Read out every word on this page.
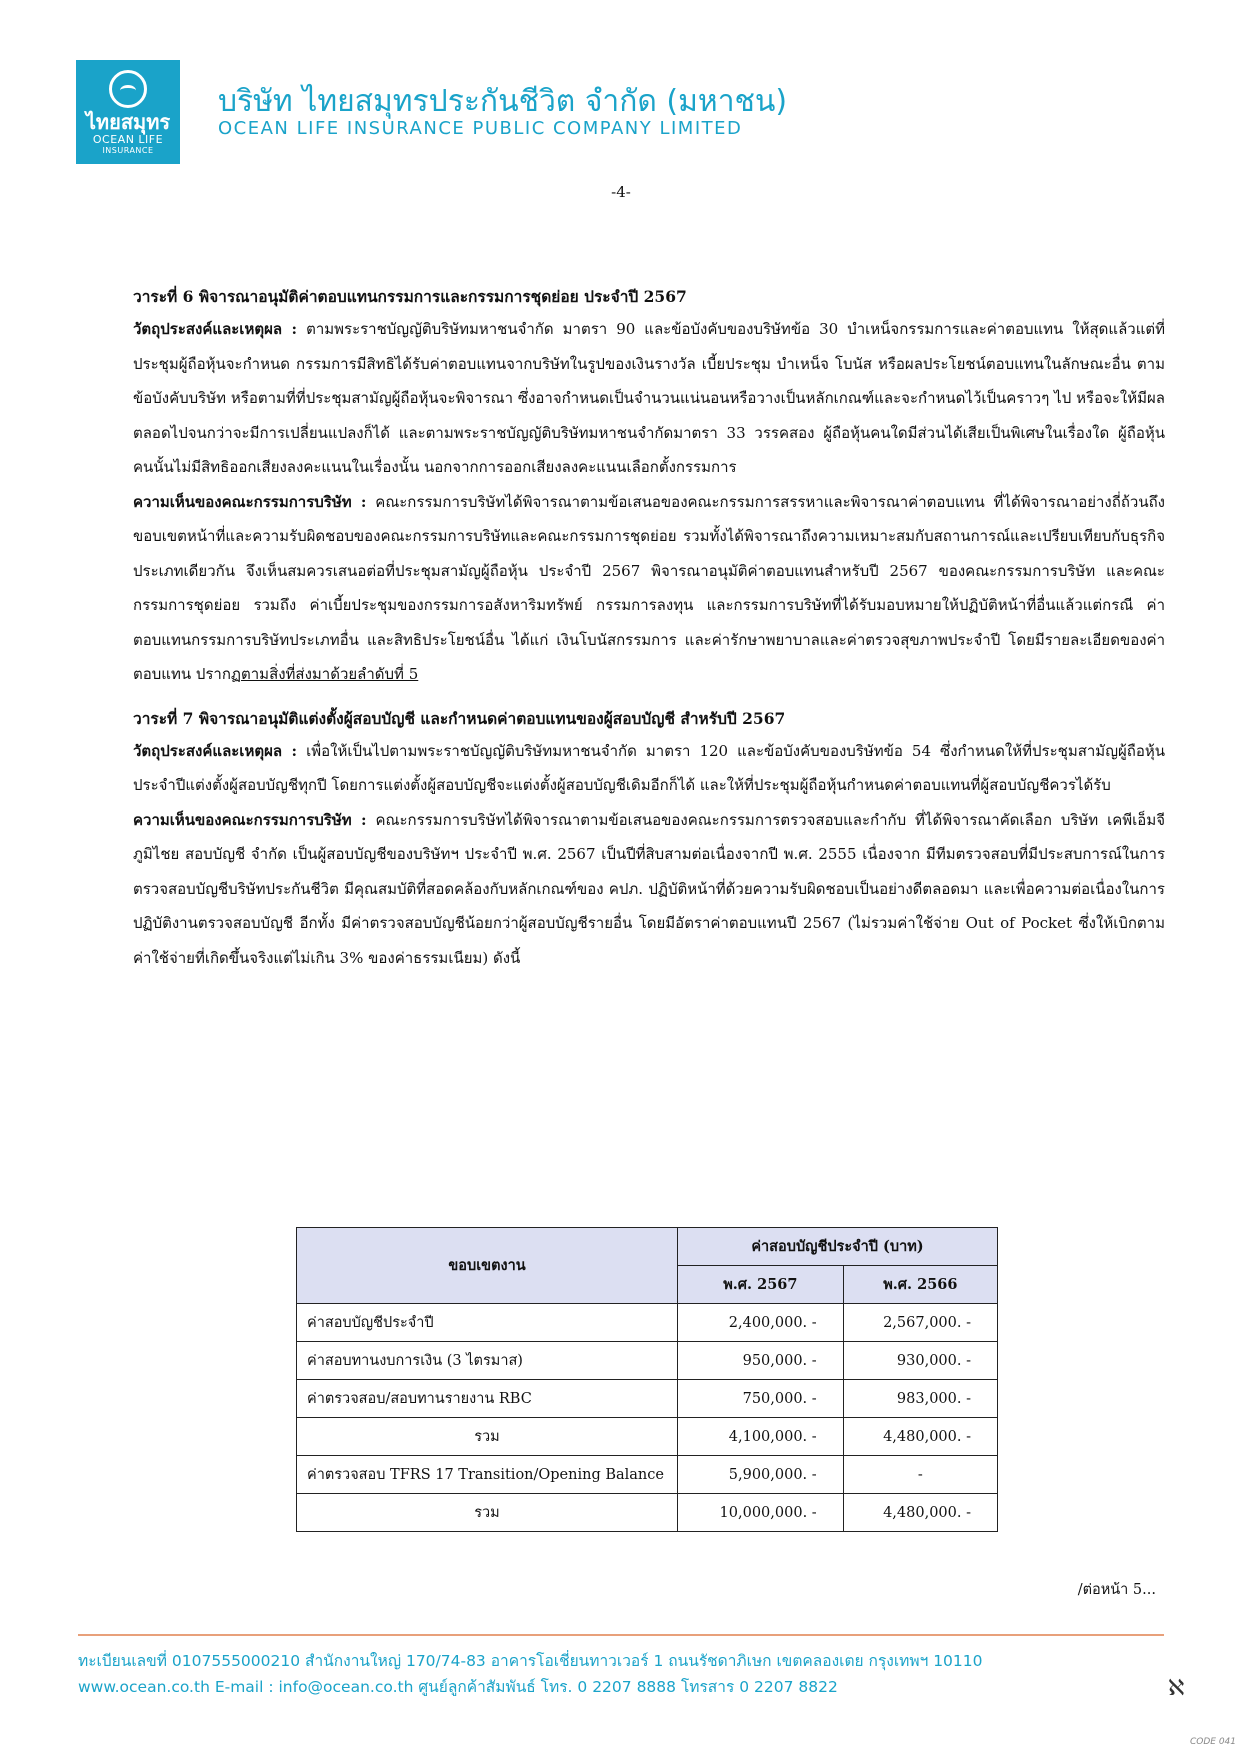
ไทยสมุทร
OCEAN LIFE
INSURANCE
บริษัท ไทยสมุทรประกันชีวิต จำกัด (มหาชน)
OCEAN LIFE INSURANCE PUBLIC COMPANY LIMITED
-4-
วาระที่ 6 พิจารณาอนุมัติค่าตอบแทนกรรมการและกรรมการชุดย่อย ประจำปี 2567

วัตถุประสงค์และเหตุผล : ตามพระราชบัญญัติบริษัทมหาชนจำกัด มาตรา 90 และข้อบังคับของบริษัทข้อ 30 บำเหน็จกรรมการและค่าตอบแทน ให้สุดแล้วแต่ที่ประชุมผู้ถือหุ้นจะกำหนด กรรมการมีสิทธิได้รับค่าตอบแทนจากบริษัทในรูปของเงินรางวัล เบี้ยประชุม บำเหน็จ โบนัส หรือผลประโยชน์ตอบแทนในลักษณะอื่น ตามข้อบังคับบริษัท หรือตามที่ที่ประชุมสามัญผู้ถือหุ้นจะพิจารณา ซึ่งอาจกำหนดเป็นจำนวนแน่นอนหรือวางเป็นหลักเกณฑ์และจะกำหนดไว้เป็นคราวๆ ไป หรือจะให้มีผลตลอดไปจนกว่าจะมีการเปลี่ยนแปลงก็ได้ และตามพระราชบัญญัติบริษัทมหาชนจำกัดมาตรา 33 วรรคสอง ผู้ถือหุ้นคนใดมีส่วนได้เสียเป็นพิเศษในเรื่องใด ผู้ถือหุ้นคนนั้นไม่มีสิทธิออกเสียงลงคะแนนในเรื่องนั้น นอกจากการออกเสียงลงคะแนนเลือกตั้งกรรมการ

ความเห็นของคณะกรรมการบริษัท : คณะกรรมการบริษัทได้พิจารณาตามข้อเสนอของคณะกรรมการสรรหาและพิจารณาค่าตอบแทน ที่ได้พิจารณาอย่างถี่ถ้วนถึงขอบเขตหน้าที่และความรับผิดชอบของคณะกรรมการบริษัทและคณะกรรมการชุดย่อย รวมทั้งได้พิจารณาถึงความเหมาะสมกับสถานการณ์และเปรียบเทียบกับธุรกิจประเภทเดียวกัน จึงเห็นสมควรเสนอต่อที่ประชุมสามัญผู้ถือหุ้น ประจำปี 2567 พิจารณาอนุมัติค่าตอบแทนสำหรับปี 2567 ของคณะกรรมการบริษัท และคณะกรรมการชุดย่อย รวมถึง ค่าเบี้ยประชุมของกรรมการอสังหาริมทรัพย์ กรรมการลงทุน และกรรมการบริษัทที่ได้รับมอบหมายให้ปฏิบัติหน้าที่อื่นแล้วแต่กรณี ค่าตอบแทนกรรมการบริษัทประเภทอื่น และสิทธิประโยชน์อื่น ได้แก่ เงินโบนัสกรรมการ และค่ารักษาพยาบาลและค่าตรวจสุขภาพประจำปี โดยมีรายละเอียดของค่าตอบแทน ปรากฏตามสิ่งที่ส่งมาด้วยลำดับที่ 5

วาระที่ 7 พิจารณาอนุมัติแต่งตั้งผู้สอบบัญชี และกำหนดค่าตอบแทนของผู้สอบบัญชี สำหรับปี 2567

วัตถุประสงค์และเหตุผล : เพื่อให้เป็นไปตามพระราชบัญญัติบริษัทมหาชนจำกัด มาตรา 120 และข้อบังคับของบริษัทข้อ 54 ซึ่งกำหนดให้ที่ประชุมสามัญผู้ถือหุ้นประจำปีแต่งตั้งผู้สอบบัญชีทุกปี โดยการแต่งตั้งผู้สอบบัญชีจะแต่งตั้งผู้สอบบัญชีเดิมอีกก็ได้ และให้ที่ประชุมผู้ถือหุ้นกำหนดค่าตอบแทนที่ผู้สอบบัญชีควรได้รับ

ความเห็นของคณะกรรมการบริษัท : คณะกรรมการบริษัทได้พิจารณาตามข้อเสนอของคณะกรรมการตรวจสอบและกำกับ ที่ได้พิจารณาคัดเลือก บริษัท เคพีเอ็มจี ภูมิไชย สอบบัญชี จำกัด เป็นผู้สอบบัญชีของบริษัทฯ ประจำปี พ.ศ. 2567 เป็นปีที่สิบสามต่อเนื่องจากปี พ.ศ. 2555 เนื่องจาก มีทีมตรวจสอบที่มีประสบการณ์ในการตรวจสอบบัญชีบริษัทประกันชีวิต มีคุณสมบัติที่สอดคล้องกับหลักเกณฑ์ของ คปภ. ปฏิบัติหน้าที่ด้วยความรับผิดชอบเป็นอย่างดีตลอดมา และเพื่อความต่อเนื่องในการปฏิบัติงานตรวจสอบบัญชี อีกทั้ง มีค่าตรวจสอบบัญชีน้อยกว่าผู้สอบบัญชีรายอื่น โดยมีอัตราค่าตอบแทนปี 2567 (ไม่รวมค่าใช้จ่าย Out of Pocket ซึ่งให้เบิกตามค่าใช้จ่ายที่เกิดขึ้นจริงแต่ไม่เกิน 3% ของค่าธรรมเนียม) ดังนี้

ขอบเขตงาน	ค่าสอบบัญชีประจำปี (บาท)	
	พ.ศ. 2567	พ.ศ. 2566
ค่าสอบบัญชีประจำปี	2,400,000. -	2,567,000. -
ค่าสอบทานงบการเงิน (3 ไตรมาส)	950,000. -	930,000. -
ค่าตรวจสอบ/สอบทานรายงาน RBC	750,000. -	983,000. -
รวม	4,100,000. -	4,480,000. -
ค่าตรวจสอบ TFRS 17 Transition/Opening Balance	5,900,000. -	-
รวม	10,000,000. -	4,480,000. -
/ต่อหน้า 5...
ทะเบียนเลขที่ 0107555000210 สำนักงานใหญ่ 170/74-83 อาคารโอเชี่ยนทาวเวอร์ 1 ถนนรัชดาภิเษก เขตคลองเตย กรุงเทพฯ 10110
www.ocean.co.th E-mail : info@ocean.co.th ศูนย์ลูกค้าสัมพันธ์ โทร. 0 2207 8888 โทรสาร 0 2207 8822	ℵ
CODE 041
